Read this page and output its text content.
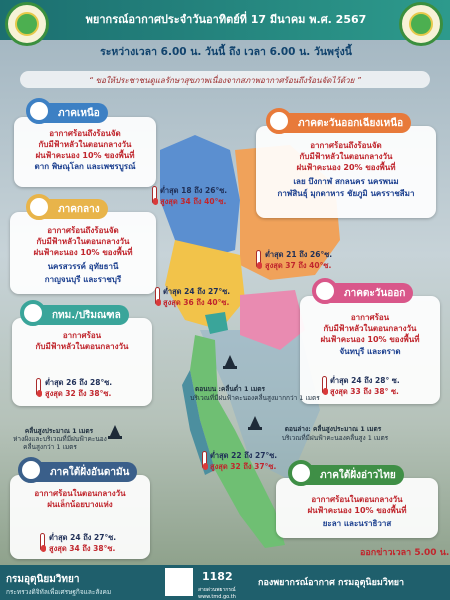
พยากรณ์อากาศประจำวันอาทิตย์ที่ 17 มีนาคม พ.ศ. 2567
ระหว่างเวลา 6.00 น. วันนี้ ถึง เวลา 6.00 น. วันพรุ่งนี้
“ ขอให้ประชาชนดูแลรักษาสุขภาพเนื่องจากสภาพอากาศร้อนถึงร้อนจัดไว้ด้วย ”
ภาคเหนือ
อากาศร้อนถึงร้อนจัด
กับมีฟ้าหลัวในตอนกลางวัน
ฝนฟ้าคะนอง 10% ของพื้นที่
ตาก พิษณุโลก และเพชรบูรณ์
ต่ำสุด 18 ถึง 26°ซ.
สูงสุด 34 ถึง 40°ซ.
ภาคตะวันออกเฉียงเหนือ
อากาศร้อนถึงร้อนจัด
กับมีฟ้าหลัวในตอนกลางวัน
ฝนฟ้าคะนอง 20% ของพื้นที่
เลย บึงกาฬ สกลนคร นครพนม
กาฬสินธุ์ มุกดาหาร ชัยภูมิ นครราชสีมา
ต่ำสุด 21 ถึง 26°ซ.
สูงสุด 37 ถึง 40°ซ.
ภาคกลาง
อากาศร้อนถึงร้อนจัด
กับมีฟ้าหลัวในตอนกลางวัน
ฝนฟ้าคะนอง 10% ของพื้นที่
นครสวรรค์ อุทัยธานี
กาญจนบุรี และราชบุรี
ต่ำสุด 24 ถึง 27°ซ.
สูงสุด 36 ถึง 40°ซ.
กทม./ปริมณฑล
อากาศร้อน
กับมีฟ้าหลัวในตอนกลางวัน
ต่ำสุด 26 ถึง 28°ซ.
สูงสุด 32 ถึง 38°ซ.
ภาคตะวันออก
อากาศร้อน
กับมีฟ้าหลัวในตอนกลางวัน
ฝนฟ้าคะนอง 10% ของพื้นที่
จันทบุรี และตราด
ต่ำสุด 24 ถึง 28° ซ.
สูงสุด 33 ถึง 38° ซ.
ตอนบน :คลื่นต่ำ 1 เมตร
บริเวณที่มีฝนฟ้าคะนองคลื่นสูงมากกว่า 1 เมตร
คลื่นสูงประมาณ 1 เมตร
ห่างฝั่งและบริเวณที่มีฝนฟ้าคะนอง
คลื่นสูงกว่า 1 เมตร
ตอนล่าง: คลื่นสูงประมาณ 1 เมตร
บริเวณที่มีฝนฟ้าคะนองคลื่นสูง 1 เมตร
ภาคใต้ฝั่งอันดามัน
อากาศร้อนในตอนกลางวัน
ฝนเล็กน้อยบางแห่ง
ต่ำสุด 24 ถึง 27°ซ.
สูงสุด 34 ถึง 38°ซ.
ต่ำสุด 22 ถึง 27°ซ.
สูงสุด 32 ถึง 37°ซ.
ภาคใต้ฝั่งอ่าวไทย
อากาศร้อนในตอนกลางวัน
ฝนฟ้าคะนอง 10% ของพื้นที่
ยะลา และนราธิวาส
ออกข่าวเวลา 5.00 น.
กรมอุตุนิยมวิทยา
กระทรวงดิจิทัลเพื่อเศรษฐกิจและสังคม
1182
สายด่วนพยากรณ์ www.tmd.go.th
กองพยากรณ์อากาศ กรมอุตุนิยมวิทยา
